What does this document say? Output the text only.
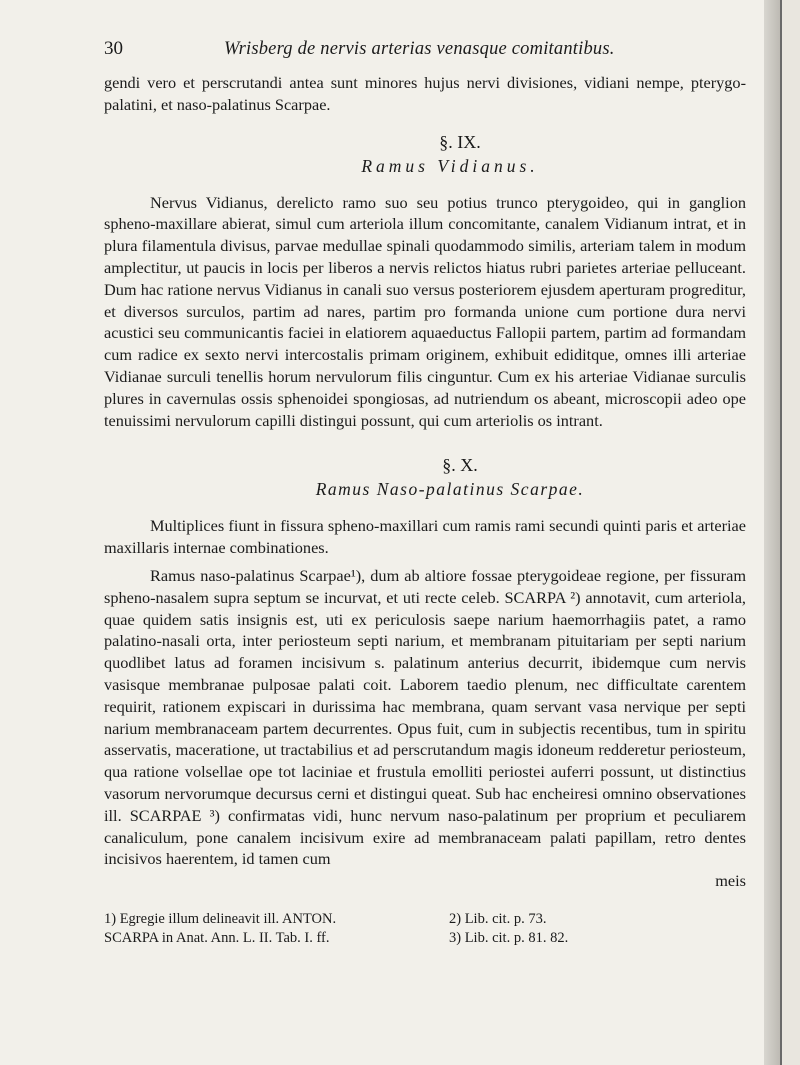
30	Wrisberg de nervis arterias venasque comitantibus.

gendi vero et perscrutandi antea sunt minores hujus nervi divisiones, vidiani nempe, pterygo-palatini, et naso-palatinus Scarpae.

§. IX.
Ramus Vidianus.

Nervus Vidianus, derelicto ramo suo seu potius trunco pterygoideo, qui in ganglion spheno-maxillare abierat, simul cum arteriola illum concomitante, canalem Vidianum intrat, et in plura filamentula divisus, parvae medullae spinali quodammodo similis, arteriam talem in modum amplectitur, ut paucis in locis per liberos a nervis relictos hiatus rubri parietes arteriae pelluceant. Dum hac ratione nervus Vidianus in canali suo versus posteriorem ejusdem aperturam progreditur, et diversos surculos, partim ad nares, partim pro formanda unione cum portione dura nervi acustici seu communicantis faciei in elatiorem aquaeductus Fallopii partem, partim ad formandam cum radice ex sexto nervi intercostalis primam originem, exhibuit ediditque, omnes illi arteriae Vidianae surculi tenellis horum nervulorum filis cinguntur. Cum ex his arteriae Vidianae surculis plures in cavernulas ossis sphenoidei spongiosas, ad nutriendum os abeant, microscopii adeo ope tenuissimi nervulorum capilli distingui possunt, qui cum arteriolis os intrant.

§. X.
Ramus Naso-palatinus Scarpae.

Multiplices fiunt in fissura spheno-maxillari cum ramis rami secundi quinti paris et arteriae maxillaris internae combinationes.

Ramus naso-palatinus Scarpae¹), dum ab altiore fossae pterygoideae regione, per fissuram spheno-nasalem supra septum se incurvat, et uti recte celeb. SCARPA ²) annotavit, cum arteriola, quae quidem satis insignis est, uti ex periculosis saepe narium haemorrhagiis patet, a ramo palatino-nasali orta, inter periosteum septi narium, et membranam pituitariam per septi narium quodlibet latus ad foramen incisivum s. palatinum anterius decurrit, ibidemque cum nervis vasisque membranae pulposae palati coit. Laborem taedio plenum, nec difficultate carentem requirit, rationem expiscari in durissima hac membrana, quam servant vasa nervique per septi narium membranaceam partem decurrentes. Opus fuit, cum in subjectis recentibus, tum in spiritu asservatis, maceratione, ut tractabilius et ad perscrutandum magis idoneum redderetur periosteum, qua ratione volsellae ope tot laciniae et frustula emolliti periostei auferri possunt, ut distinctius vasorum nervorumque decursus cerni et distingui queat. Sub hac encheiresi omnino observationes ill. SCARPAE ³) confirmatas vidi, hunc nervum naso-palatinum per proprium et peculiarem canaliculum, pone canalem incisivum exire ad membranaceam palati papillam, retro dentes incisivos haerentem, id tamen cum

meis
1) Egregie illum delineavit ill. ANTON.	2) Lib. cit. p. 73.
SCARPA in Anat. Ann. L. II. Tab. I. ff.	3) Lib. cit. p. 81. 82.
